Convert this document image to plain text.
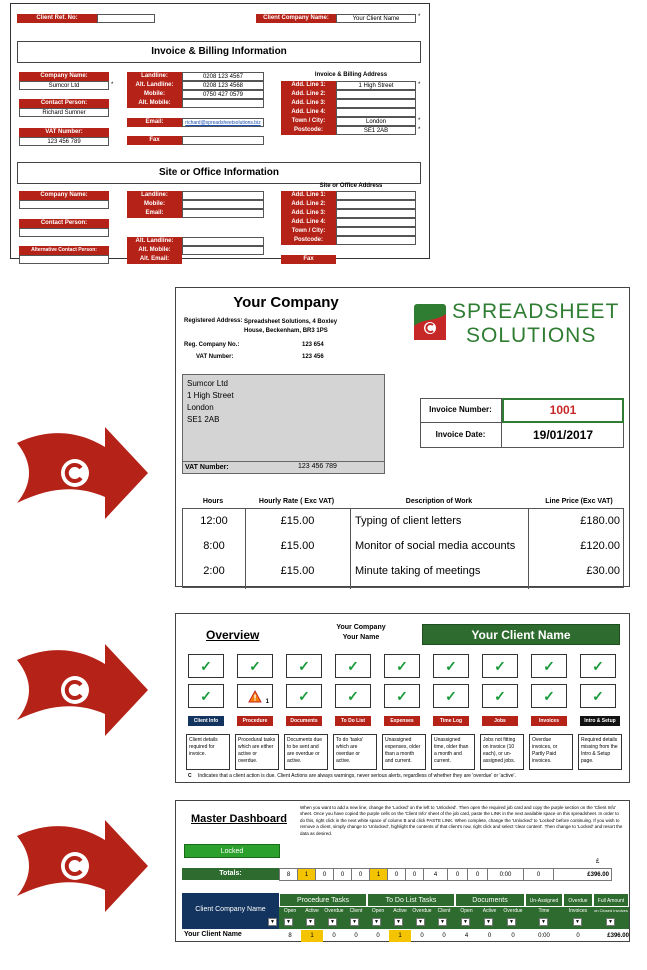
Client Ref. No:	Client Company Name:	Your Client Name	*
Invoice & Billing Information
Company Name:
Sumcor Ltd	*
Contact Person:
Richard Sumner
VAT Number:
123 456 789
Landline:	0208 123 4567
Alt. Landline:	0208 123 4568
Mobile:	0750 427 0579
Alt. Mobile:
Email:	richard@spreadsheetsolutions.biz
Fax
Invoice & Billing Address
Add. Line 1:	1 High Street	*
Add. Line 2:
Add. Line 3:
Add. Line 4:
Town / City:	London	*
Postcode:	SE1 2AB	*
Site or Office Information
Company Name:
Contact Person:
Alternative Contact Person:
Landline:
Mobile:
Email:
Alt. Landline:
Alt. Mobile:
Alt. Email:
Site or Office Address
Add. Line 1:
Add. Line 2:
Add. Line 3:
Add. Line 4:
Town / City:
Postcode:
Fax
Your Company
Registered Address: Spreadsheet Solutions, 4 Boxley House, Beckenham, BR3 1PS
Reg. Company No.:	123 654
VAT Number:	123 456
SPREADSHEET
SOLUTIONS
Sumcor Ltd
1 High Street
London
SE1 2AB
VAT Number:	123 456 789
Invoice Number:	1001
Invoice Date:	19/01/2017
Hours	Hourly Rate ( Exc VAT)	Description of Work	Line Price (Exc VAT)
12:00	£15.00	Typing of client letters	£180.00
8:00	£15.00	Monitor of social media accounts	£120.00
2:00	£15.00	Minute taking of meetings	£30.00
Overview
Your Company
Your Name	Your Client Name
✓	✓	✓	✓	✓	✓	✓	✓	✓
✓	1	✓	✓	✓	✓	✓	✓	✓
Client Info	Procedure	Documents	To Do List	Expenses	Time Log	Jobs	Invoices	Intro & Setup
Client details required for invoice.
Procedural tasks which are either active or overdue.
Documents due to be sent and are overdue or active.
To do 'tasks' which are overdue or active.
Unassigned expenses, older than a month and current.
Unassigned time, older than a month and current.
Jobs not fitting on invoice (10 each), or un-assigned jobs.
Overdue invoices, or Partly Paid invoices.
Required details missing from the Intro & Setup page.
C Indicates that a client action is due. Client Actions are always warnings, never serious alerts, regardless of whether they are 'overdue' or 'active'.
Master Dashboard
Locked
When you want to add a new line, change the 'Locked' on the left to 'Unlocked'. Then open the required job card and copy the purple section on the 'Client Info' sheet. Once you have copied the purple cells on the 'Client Info' sheet of the job card, paste the LINK in the next available space on this spreadsheet. In order to do this, right click in the next white space of column B and click PASTE LINK. When complete, change the 'Unlocked' to 'Locked' before continuing. If you wish to remove a client, simply change to 'Unlocked', highlight the contents of that client's row, right click and select 'clear content'. Then change to 'Locked' and resort the data as desired.
£
Totals:	8	1	0	0	0	1	0	0	4	0	0	0:00	0	£396.00
Client Company Name
Procedure Tasks	To Do List Tasks	Documents	Un-Assigned	Overdue	Full Amount
Open	Active	Overdue	Client	Open	Active	Overdue	Client	Open	Active	Overdue	Time	Invoices	on Closed Invoices
▼	▼	▼	▼	▼	▼	▼	▼	▼	▼	▼	▼	▼	▼
▼
Your Client Name	8	1	0	0	0	1	0	0	4	0	0	0:00	0	£396.00
